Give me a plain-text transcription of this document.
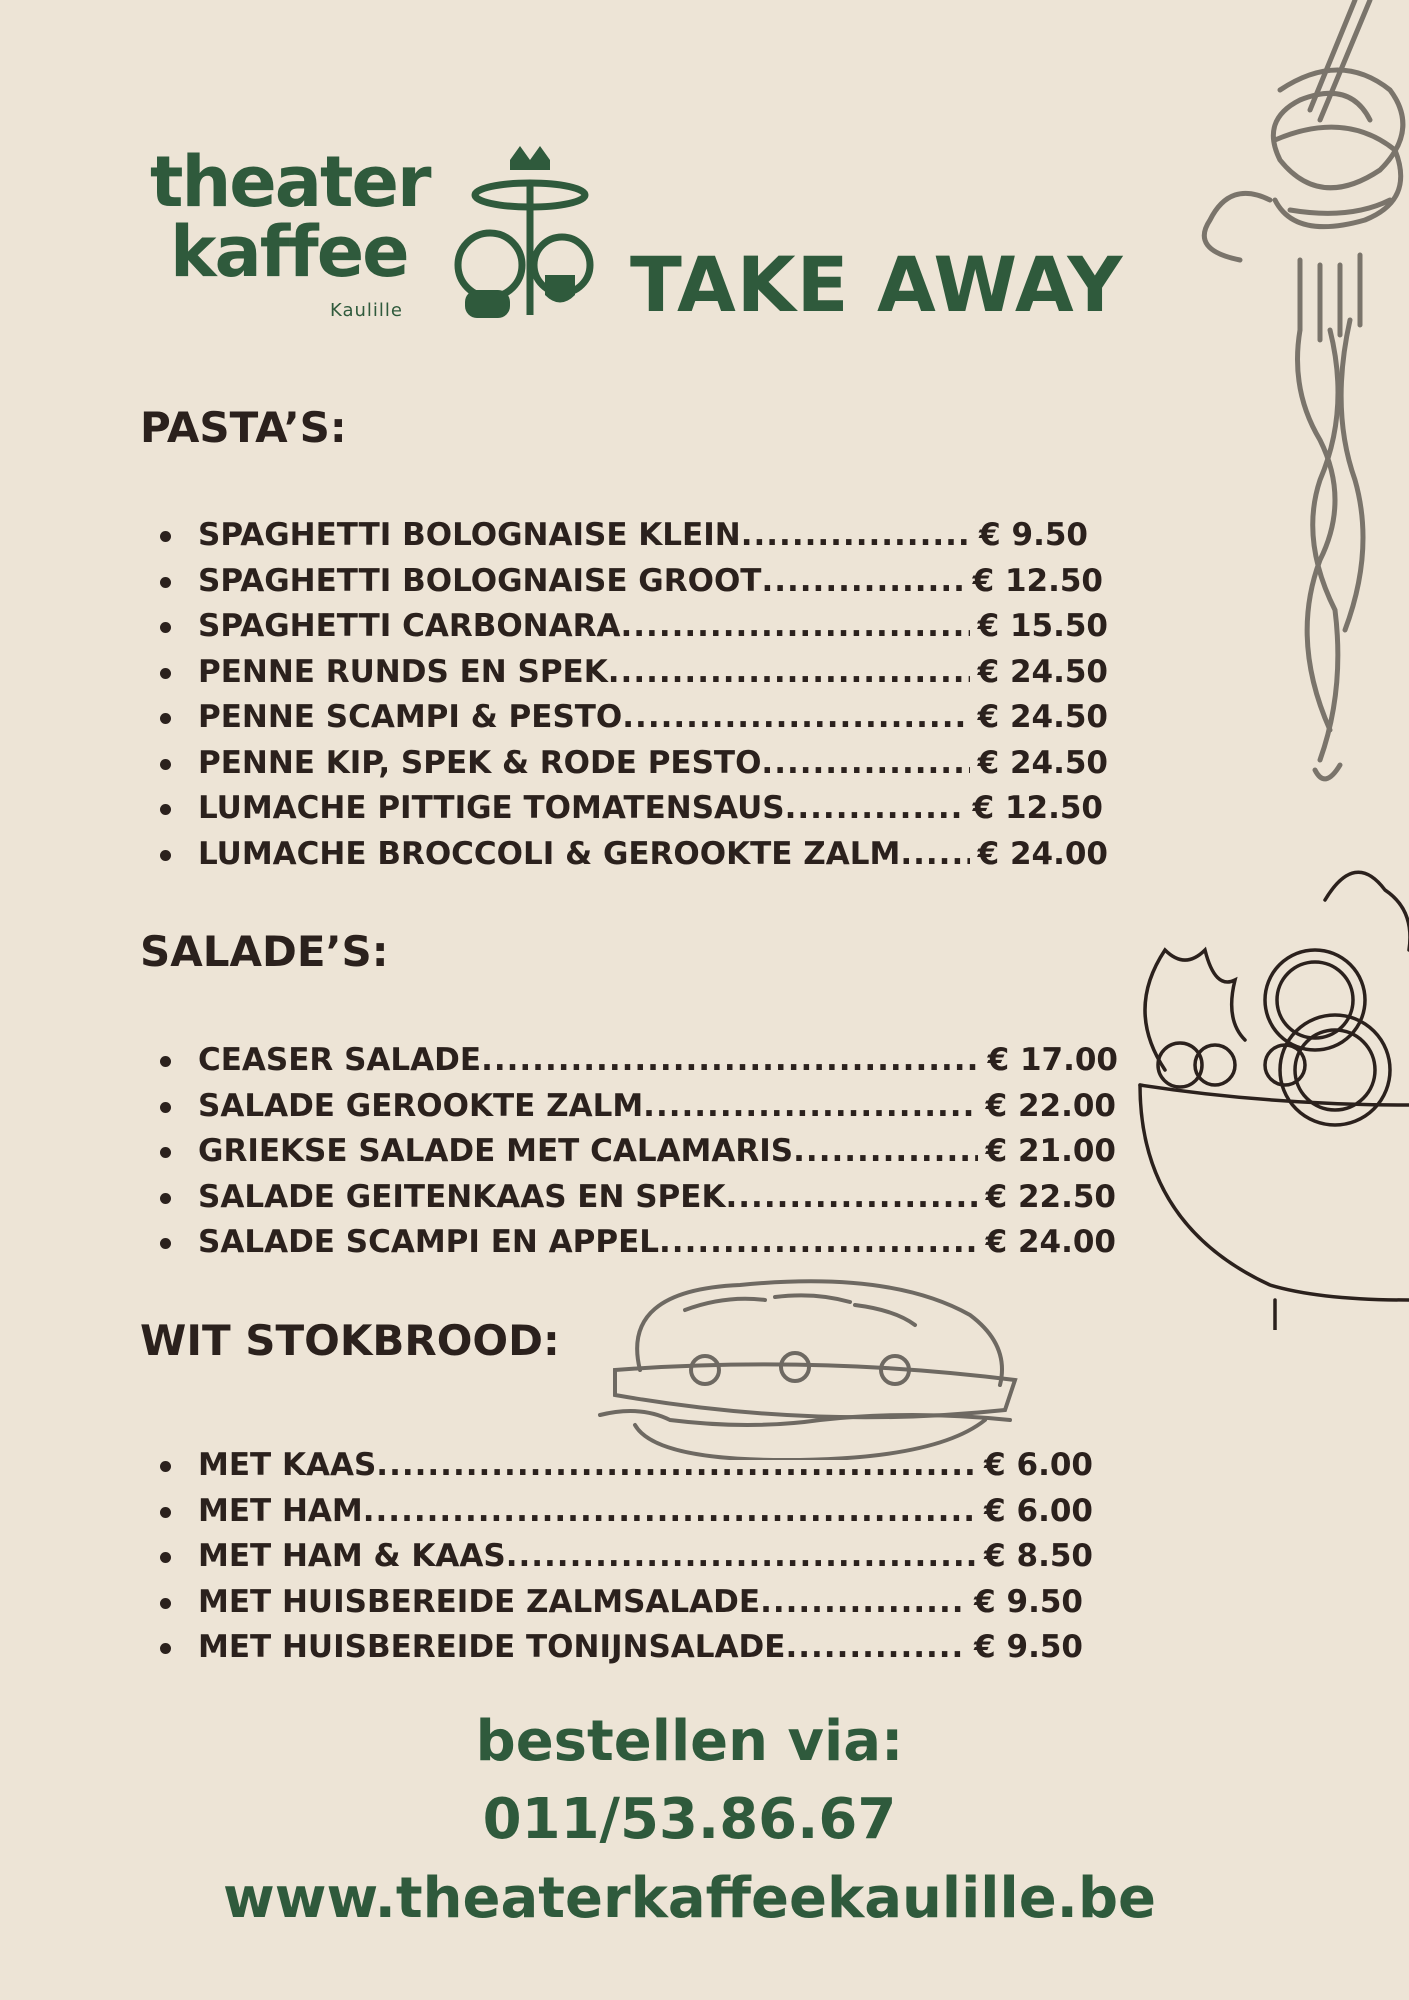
theater
kaffee
Kaulille	TAKE AWAY
PASTA’S:
SPAGHETTI BOLOGNAISE KLEIN .....	€ 9.50
SPAGHETTI BOLOGNAISE GROOT .....	€ 12.50
SPAGHETTI CARBONARA .....	€ 15.50
PENNE RUNDS EN SPEK .....	€ 24.50
PENNE SCAMPI & PESTO .....	€ 24.50
PENNE KIP, SPEK & RODE PESTO .....	€ 24.50
LUMACHE PITTIGE TOMATENSAUS .....	€ 12.50
LUMACHE BROCCOLI & GEROOKTE ZALM ..... € 24.00
SALADE’S:
CEASER SALADE .....	€ 17.00
SALADE GEROOKTE ZALM .....	€ 22.00
GRIEKSE SALADE MET CALAMARIS .....	€ 21.00
SALADE GEITENKAAS EN SPEK .....	€ 22.50
SALADE SCAMPI EN APPEL .....	€ 24.00
WIT STOKBROOD:
MET KAAS .....	€ 6.00
MET HAM .....	€ 6.00
MET HAM & KAAS .....	€ 8.50
MET HUISBEREIDE ZALMSALADE .....	€ 9.50
MET HUISBEREIDE TONIJNSALADE .....	€ 9.50

bestellen via:

011/53.86.67

www.theaterkaffeekaulille.be
